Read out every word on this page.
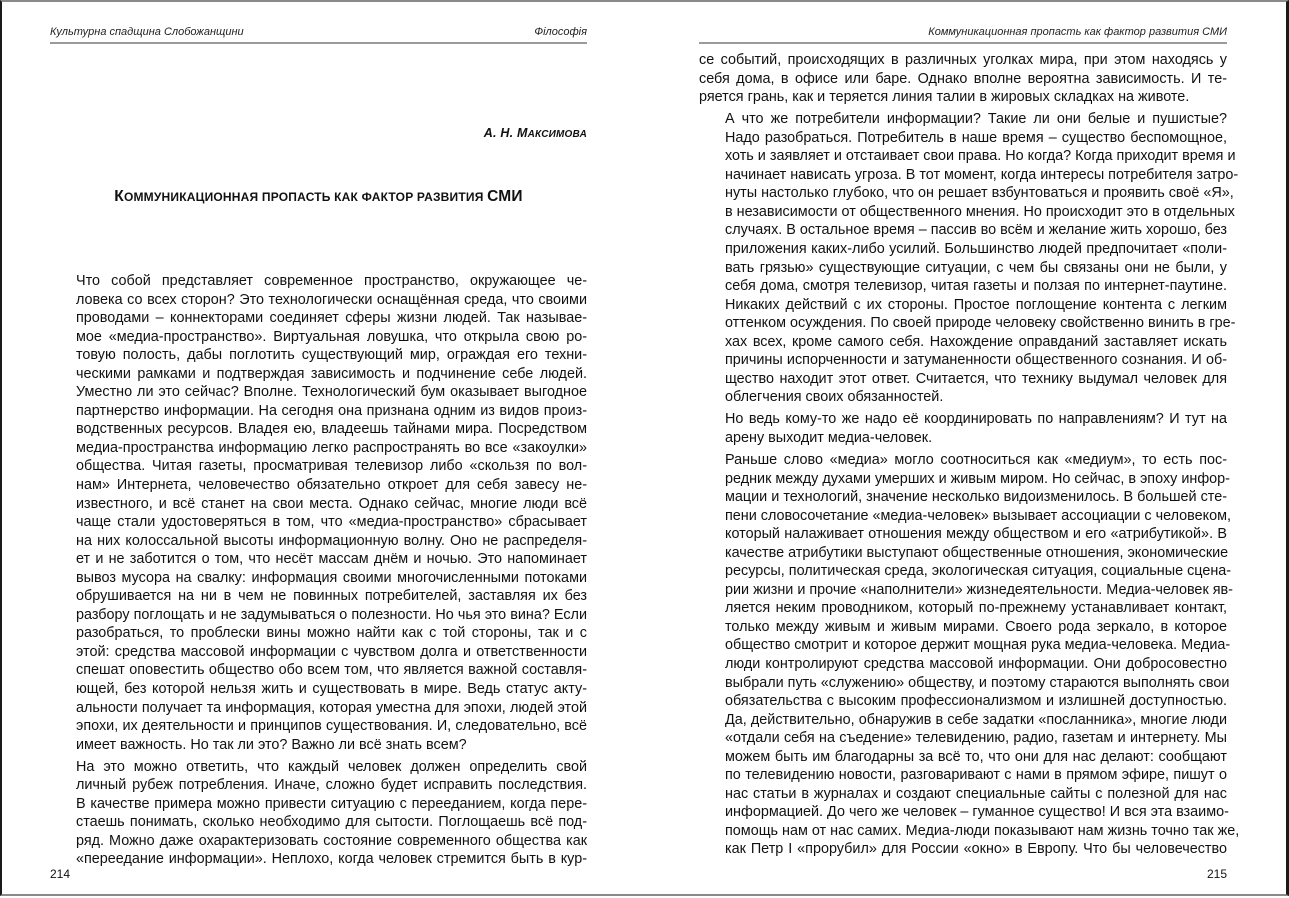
Культурна спадщина Слобожанщини	Філософія
А. Н. МАКСИМОВА
КОММУНИКАЦИОННАЯ ПРОПАСТЬ КАК ФАКТОР РАЗВИТИЯ СМИ

Что собой представляет современное пространство, окружающее че-
ловека со всех сторон? Это технологически оснащённая среда, что своими
проводами – коннекторами соединяет сферы жизни людей. Так называе-
мое «медиа-пространство». Виртуальная ловушка, что открыла свою ро-
товую полость, дабы поглотить существующий мир, ограждая его техни-
ческими рамками и подтверждая зависимость и подчинение себе людей.
Уместно ли это сейчас? Вполне. Технологический бум оказывает выгодное
партнерство информации. На сегодня она признана одним из видов произ-
водственных ресурсов. Владея ею, владеешь тайнами мира. Посредством
медиа-пространства информацию легко распространять во все «закоулки»
общества. Читая газеты, просматривая телевизор либо «скользя по вол-
нам» Интернета, человечество обязательно откроет для себя завесу не-
известного, и всё станет на свои места. Однако сейчас, многие люди всё
чаще стали удостоверяться в том, что «медиа-пространство» сбрасывает
на них колоссальной высоты информационную волну. Оно не распределя-
ет и не заботится о том, что несёт массам днём и ночью. Это напоминает
вывоз мусора на свалку: информация своими многочисленными потоками
обрушивается на ни в чем не повинных потребителей, заставляя их без
разбору поглощать и не задумываться о полезности. Но чья это вина? Если
разобраться, то проблески вины можно найти как с той стороны, так и с
этой: средства массовой информации с чувством долга и ответственности
спешат оповестить общество обо всем том, что является важной составля-
ющей, без которой нельзя жить и существовать в мире. Ведь статус акту-
альности получает та информация, которая уместна для эпохи, людей этой
эпохи, их деятельности и принципов существования. И, следовательно, всё
имеет важность. Но так ли это? Важно ли всё знать всем?

На это можно ответить, что каждый человек должен определить свой
личный рубеж потребления. Иначе, сложно будет исправить последствия.
В качестве примера можно привести ситуацию с перееданием, когда пере-
стаешь понимать, сколько необходимо для сытости. Поглощаешь всё под-
ряд. Можно даже охарактеризовать состояние современного общества как
«переедание информации». Неплохо, когда человек стремится быть в кур-

214
Коммуникационная пропасть как фактор развития СМИ

се событий, происходящих в различных уголках мира, при этом находясь у
себя дома, в офисе или баре. Однако вполне вероятна зависимость. И те-
ряется грань, как и теряется линия талии в жировых складках на животе.

А что же потребители информации? Такие ли они белые и пушистые?
Надо разобраться. Потребитель в наше время – существо беспомощное,
хоть и заявляет и отстаивает свои права. Но когда? Когда приходит время и
начинает нависать угроза. В тот момент, когда интересы потребителя затро-
нуты настолько глубоко, что он решает взбунтоваться и проявить своё «Я»,
в независимости от общественного мнения. Но происходит это в отдельных
случаях. В остальное время – пассив во всём и желание жить хорошо, без
приложения каких-либо усилий. Большинство людей предпочитает «поли-
вать грязью» существующие ситуации, с чем бы связаны они не были, у
себя дома, смотря телевизор, читая газеты и ползая по интернет-паутине.
Никаких действий с их стороны. Простое поглощение контента с легким
оттенком осуждения. По своей природе человеку свойственно винить в гре-
хах всех, кроме самого себя. Нахождение оправданий заставляет искать
причины испорченности и затуманенности общественного сознания. И об-
щество находит этот ответ. Считается, что технику выдумал человек для
облегчения своих обязанностей.

Но ведь кому-то же надо её координировать по направлениям? И тут на
арену выходит медиа-человек.

Раньше слово «медиа» могло соотноситься как «медиум», то есть пос-
редник между духами умерших и живым миром. Но сейчас, в эпоху инфор-
мации и технологий, значение несколько видоизменилось. В большей сте-
пени словосочетание «медиа-человек» вызывает ассоциации с человеком,
который налаживает отношения между обществом и его «атрибутикой». В
качестве атрибутики выступают общественные отношения, экономические
ресурсы, политическая среда, экологическая ситуация, социальные сцена-
рии жизни и прочие «наполнители» жизнедеятельности. Медиа-человек яв-
ляется неким проводником, который по-прежнему устанавливает контакт,
только между живым и живым мирами. Своего рода зеркало, в которое
общество смотрит и которое держит мощная рука медиа-человека. Медиа-
люди контролируют средства массовой информации. Они добросовестно
выбрали путь «служению» обществу, и поэтому стараются выполнять свои
обязательства с высоким профессионализмом и излишней доступностью.
Да, действительно, обнаружив в себе задатки «посланника», многие люди
«отдали себя на съедение» телевидению, радио, газетам и интернету. Мы
можем быть им благодарны за всё то, что они для нас делают: сообщают
по телевидению новости, разговаривают с нами в прямом эфире, пишут о
нас статьи в журналах и создают специальные сайты с полезной для нас
информацией. До чего же человек – гуманное существо! И вся эта взаимо-
помощь нам от нас самих. Медиа-люди показывают нам жизнь точно так же,
как Петр I «прорубил» для России «окно» в Европу. Что бы человечество

215
